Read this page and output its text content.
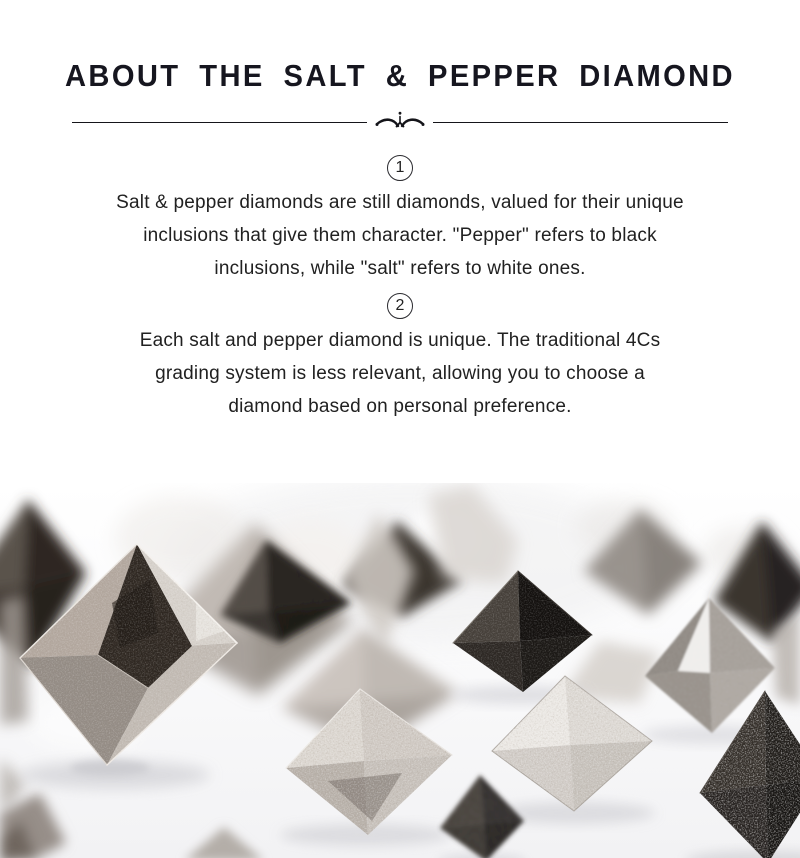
ABOUT THE SALT & PEPPER DIAMOND
1
Salt & pepper diamonds are still diamonds, valued for their unique
inclusions that give them character. "Pepper" refers to black
inclusions, while "salt" refers to white ones.
2
Each salt and pepper diamond is unique. The traditional 4Cs
grading system is less relevant, allowing you to choose a
diamond based on personal preference.
